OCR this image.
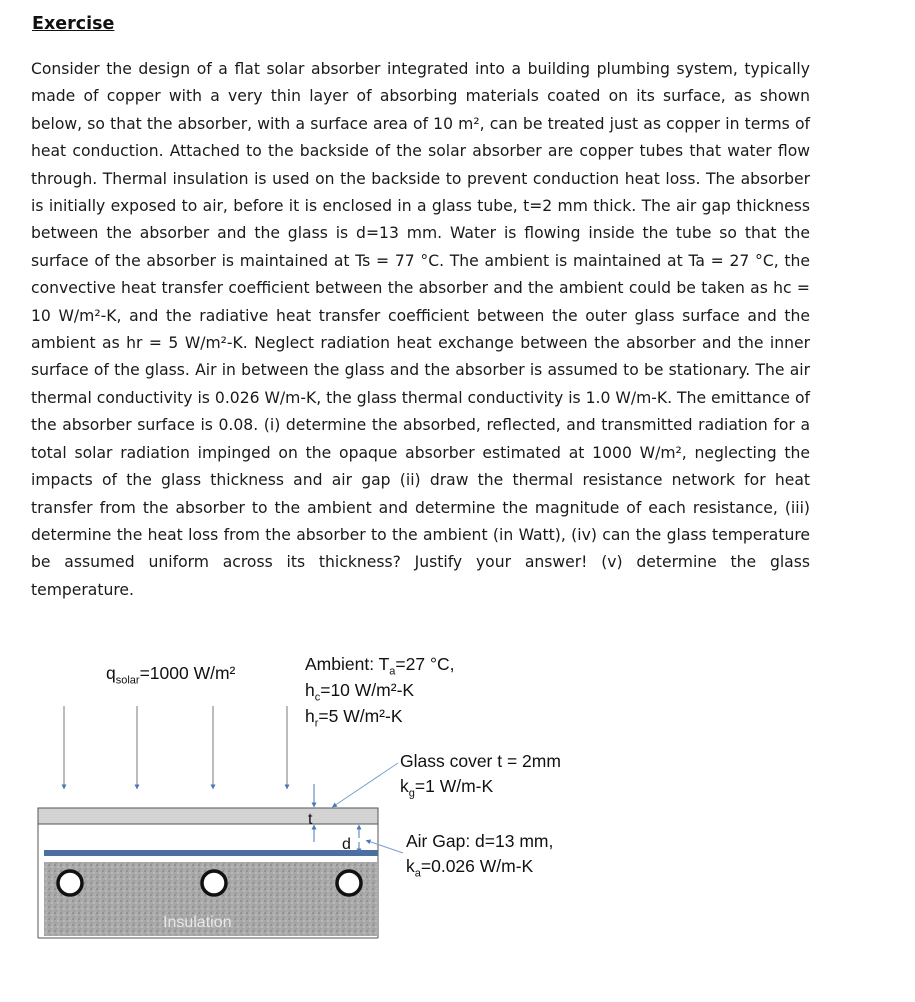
Exercise

Consider the design of a flat solar absorber integrated into a building plumbing system, typically made of copper with a very thin layer of absorbing materials coated on its surface, as shown below, so that the absorber, with a surface area of 10 m², can be treated just as copper in terms of heat conduction. Attached to the backside of the solar absorber are copper tubes that water flow through. Thermal insulation is used on the backside to prevent conduction heat loss. The absorber is initially exposed to air, before it is enclosed in a glass tube, t=2 mm thick. The air gap thickness between the absorber and the glass is d=13 mm. Water is flowing inside the tube so that the surface of the absorber is maintained at Ts = 77 °C. The ambient is maintained at Ta = 27 °C, the convective heat transfer coefficient between the absorber and the ambient could be taken as hc = 10 W/m²-K, and the radiative heat transfer coefficient between the outer glass surface and the ambient as hr = 5 W/m²-K. Neglect radiation heat exchange between the absorber and the inner surface of the glass. Air in between the glass and the absorber is assumed to be stationary. The air thermal conductivity is 0.026 W/m-K, the glass thermal conductivity is 1.0 W/m-K. The emittance of the absorber surface is 0.08. (i) determine the absorbed, reflected, and transmitted radiation for a total solar radiation impinged on the opaque absorber estimated at 1000 W/m², neglecting the impacts of the glass thickness and air gap (ii) draw the thermal resistance network for heat transfer from the absorber to the ambient and determine the magnitude of each resistance, (iii) determine the heat loss from the absorber to the ambient (in Watt), (iv) can the glass temperature be assumed uniform across its thickness? Justify your answer! (v) determine the glass temperature.

$q_{solar}=1000$ W/m²	Ambient: $T_a=27$ °C,
$h_c=10$ W/m²-K
$h_r=5$ W/m²-K
Glass cover t = 2mm
$k_g=1$ W/m-K
Air Gap: d=13 mm,
$k_a=0.026$ W/m-K
Insulation
t
d
